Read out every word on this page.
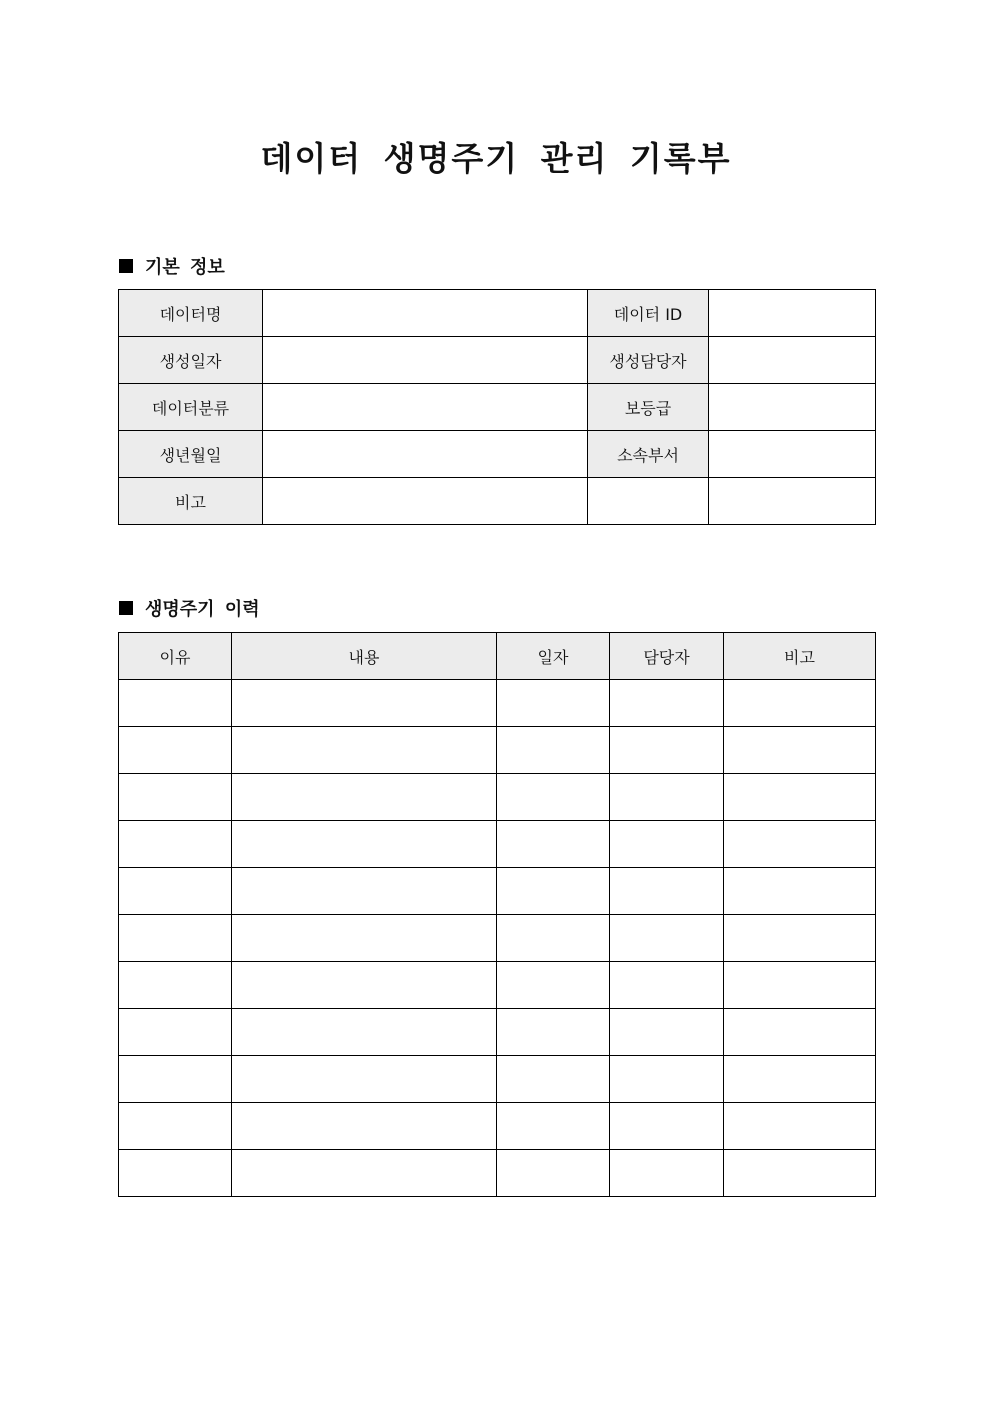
데이터 생명주기 관리 기록부
기본 정보
데이터명		데이터 ID	
생성일자		생성담당자	
데이터분류		보등급	
생년월일		소속부서	
비고			
생명주기 이력
이유	내용	일자	담당자	비고
